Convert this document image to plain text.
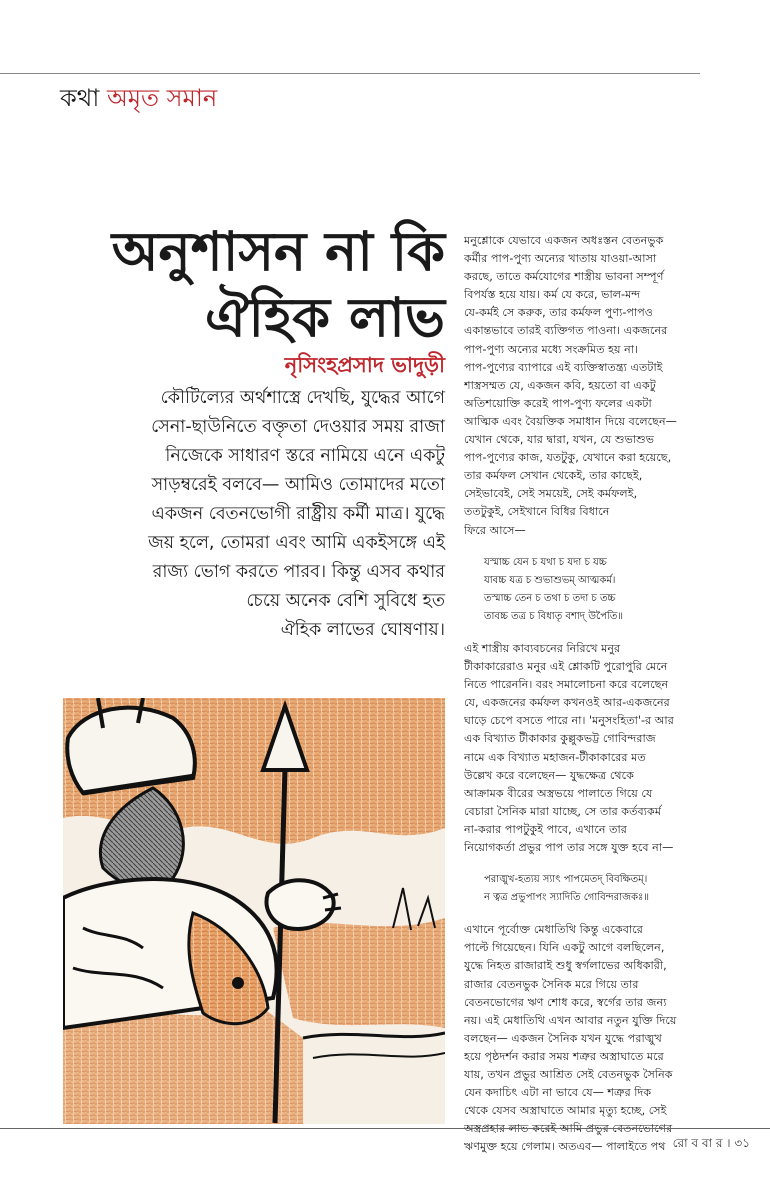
কথা অমৃত সমান
অনুশাসন না কি
ঐহিক লাভ
নৃসিংহপ্রসাদ ভাদুড়ী
কৌটিল্যের অর্থশাস্ত্রে দেখছি, যুদ্ধের আগে
সেনা-ছাউনিতে বক্তৃতা দেওয়ার সময় রাজা
নিজেকে সাধারণ স্তরে নামিয়ে এনে একটু
সাড়ম্বরেই বলবে— আমিও তোমাদের মতো
একজন বেতনভোগী রাষ্ট্রীয় কর্মী মাত্র। যুদ্ধে
জয় হলে, তোমরা এবং আমি একইসঙ্গে এই
রাজ্য ভোগ করতে পারব। কিন্তু এসব কথার
চেয়ে অনেক বেশি সুবিধে হত
ঐহিক লাভের ঘোষণায়।
মনুশ্লোকে যেভাবে একজন অধঃস্তন বেতনভুক
কর্মীর পাপ-পুণ্য অন্যের খাতায় যাওয়া-আসা
করছে, তাতে কর্মযোগের শাস্ত্রীয় ভাবনা সম্পূর্ণ
বিপর্যস্ত হয়ে যায়। কর্ম যে করে, ভাল-মন্দ
যে-কর্মই সে করুক, তার কর্মফল পুণ্য-পাপও
একান্তভাবে তারই ব্যক্তিগত পাওনা। একজনের
পাপ-পুণ্য অন্যের মধ্যে সংক্রমিত হয় না।
পাপ-পুণ্যের ব্যাপারে এই ব্যক্তিস্বাতন্ত্র্য এতটাই
শাস্ত্রসম্মত যে, একজন কবি, হয়তো বা একটু
অতিশয়োক্তি করেই পাপ-পুণ্য ফলের একটা
আত্মিক এবং বৈয়ক্তিক সমাধান দিয়ে বলেছেন—
যেখান থেকে, যার দ্বারা, যখন, যে শুভাশুভ
পাপ-পুণ্যের কাজ, যতটুকু, যেখানে করা হয়েছে,
তার কর্মফল সেখান থেকেই, তার কাছেই,
সেইভাবেই, সেই সময়েই, সেই কর্মফলই,
ততটুকুই, সেইখানে বিধির বিধানে
ফিরে আসে—
যস্মাচ্চ যেন চ যথা চ যদা চ যচ্চ
যাবচ্চ যত্র চ শুভাশুভম্ আত্মকর্ম।
তস্মাচ্চ তেন চ তথা চ তদা চ তচ্চ
তাবচ্চ তত্র চ বিধাতৃ বশাদ্ উপৈতি॥
এই শাস্ত্রীয় কাব্যবচনের নিরিখে মনুর
টীকাকারেরাও মনুর এই শ্লোকটি পুরোপুরি মেনে
নিতে পারেননি। বরং সমালোচনা করে বলেছেন
যে, একজনের কর্মফল কখনওই আর-একজনের
ঘাড়ে চেপে বসতে পারে না। 'মনুসংহিতা'-র আর
এক বিখ্যাত টীকাকার কুল্লুকভট্ট গোবিন্দরাজ
নামে এক বিখ্যাত মহাজন-টীকাকারের মত
উল্লেখ করে বলেছেন— যুদ্ধক্ষেত্র থেকে
আক্রামক বীরের অস্ত্রভয়ে পালাতে গিয়ে যে
বেচারা সৈনিক মারা যাচ্ছে, সে তার কর্তব্যকর্ম
না-করার পাপটুকুই পাবে, এখানে তার
নিয়োগকর্তা প্রভুর পাপ তার সঙ্গে যুক্ত হবে না—
পরাঙ্মুখ-হত্যয় স্যাৎ পাপমেতদ্ বিবক্ষিতম্।
ন ত্বত্র প্রভুপাপং স্যাদিতি গোবিন্দরাজকঃ॥
এখানে পূর্বোক্ত মেধাতিথি কিন্তু একেবারে
পাল্টে গিয়েছেন। যিনি একটু আগে বলছিলেন,
যুদ্ধে নিহত রাজারাই শুধু স্বর্গলাভের অধিকারী,
রাজার বেতনভুক সৈনিক মরে গিয়ে তার
বেতনভোগের ঋণ শোধ করে, স্বর্গের তার জন্য
নয়। এই মেধাতিথি এখন আবার নতুন যুক্তি দিয়ে
বলছেন— একজন সৈনিক যখন যুদ্ধে পরাঙ্মুখ
হয়ে পৃষ্ঠদর্শন করার সময় শত্রুর অস্ত্রাঘাতে মরে
যায়, তখন প্রভুর আশ্রিত সেই বেতনভুক সৈনিক
যেন কদাচিৎ এটা না ভাবে যে— শত্রুর দিক
থেকে যেসব অস্ত্রাঘাতে আমার মৃত্যু হচ্ছে, সেই
ঋণমুক্ত হয়ে গেলাম। অতএব— পালাইতে পথ রো ব বা র । ৩১
